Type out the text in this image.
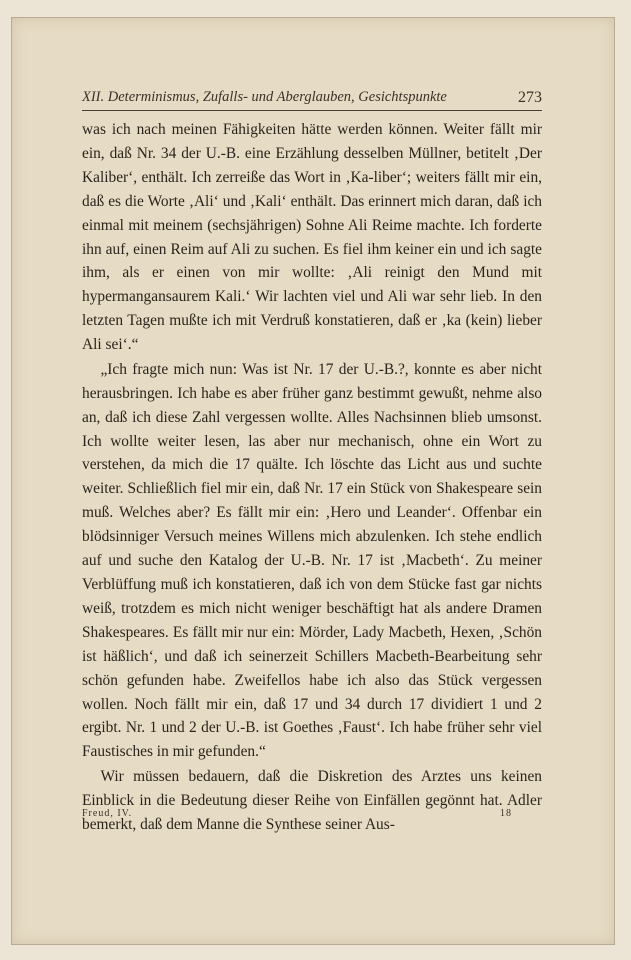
XII. Determinismus, Zufalls- und Aberglauben, Gesichtspunkte	273

was ich nach meinen Fähigkeiten hätte werden können. Weiter fällt mir ein, daß Nr. 34 der U.-B. eine Erzählung desselben Müllner, betitelt ‚Der Kaliber‘, enthält. Ich zerreiße das Wort in ‚Ka-liber‘; weiters fällt mir ein, daß es die Worte ‚Ali‘ und ‚Kali‘ enthält. Das erinnert mich daran, daß ich einmal mit meinem (sechsjährigen) Sohne Ali Reime machte. Ich forderte ihn auf, einen Reim auf Ali zu suchen. Es fiel ihm keiner ein und ich sagte ihm, als er einen von mir wollte: ‚Ali reinigt den Mund mit hypermangansaurem Kali.‘ Wir lachten viel und Ali war sehr lieb. In den letzten Tagen mußte ich mit Verdruß konstatieren, daß er ‚ka (kein) lieber Ali sei‘.“

„Ich fragte mich nun: Was ist Nr. 17 der U.-B.?, konnte es aber nicht herausbringen. Ich habe es aber früher ganz bestimmt gewußt, nehme also an, daß ich diese Zahl vergessen wollte. Alles Nachsinnen blieb umsonst. Ich wollte weiter lesen, las aber nur mechanisch, ohne ein Wort zu verstehen, da mich die 17 quälte. Ich löschte das Licht aus und suchte weiter. Schließlich fiel mir ein, daß Nr. 17 ein Stück von Shakespeare sein muß. Welches aber? Es fällt mir ein: ‚Hero und Leander‘. Offenbar ein blödsinniger Versuch meines Willens mich abzulenken. Ich stehe endlich auf und suche den Katalog der U.-B. Nr. 17 ist ‚Macbeth‘. Zu meiner Verblüffung muß ich konstatieren, daß ich von dem Stücke fast gar nichts weiß, trotzdem es mich nicht weniger beschäftigt hat als andere Dramen Shakespeares. Es fällt mir nur ein: Mörder, Lady Macbeth, Hexen, ‚Schön ist häßlich‘, und daß ich seinerzeit Schillers Macbeth-Bearbeitung sehr schön gefunden habe. Zweifellos habe ich also das Stück vergessen wollen. Noch fällt mir ein, daß 17 und 34 durch 17 dividiert 1 und 2 ergibt. Nr. 1 und 2 der U.-B. ist Goethes ‚Faust‘. Ich habe früher sehr viel Faustisches in mir gefunden.“

Wir müssen bedauern, daß die Diskretion des Arztes uns keinen Einblick in die Bedeutung dieser Reihe von Einfällen gegönnt hat. Adler bemerkt, daß dem Manne die Synthese seiner Aus-

Freud, IV.	18
